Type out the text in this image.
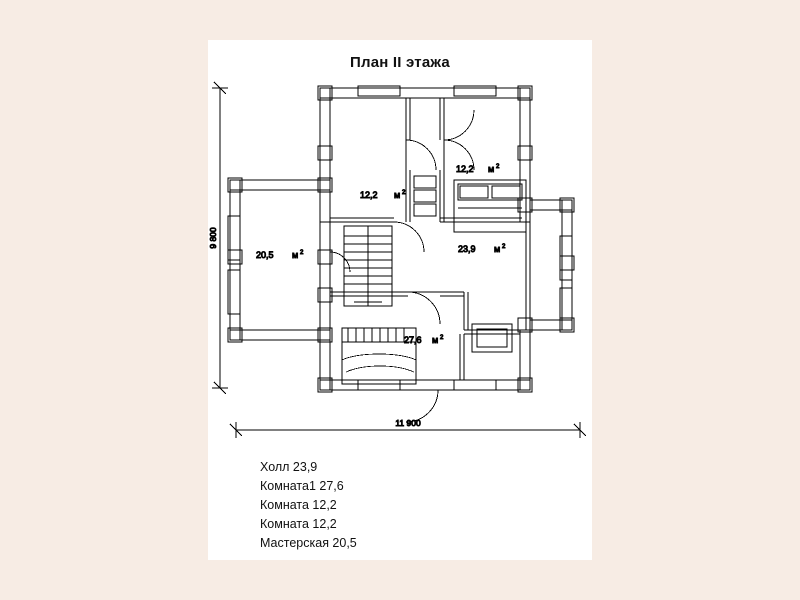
План II этажа
12,2 м 2
12,2 м 2
20,5 м 2	23,9 м 2
27,6 м 2
9 800
11 900
Холл 23,9
Комната1 27,6
Комната 12,2
Комната 12,2
Мастерская 20,5
